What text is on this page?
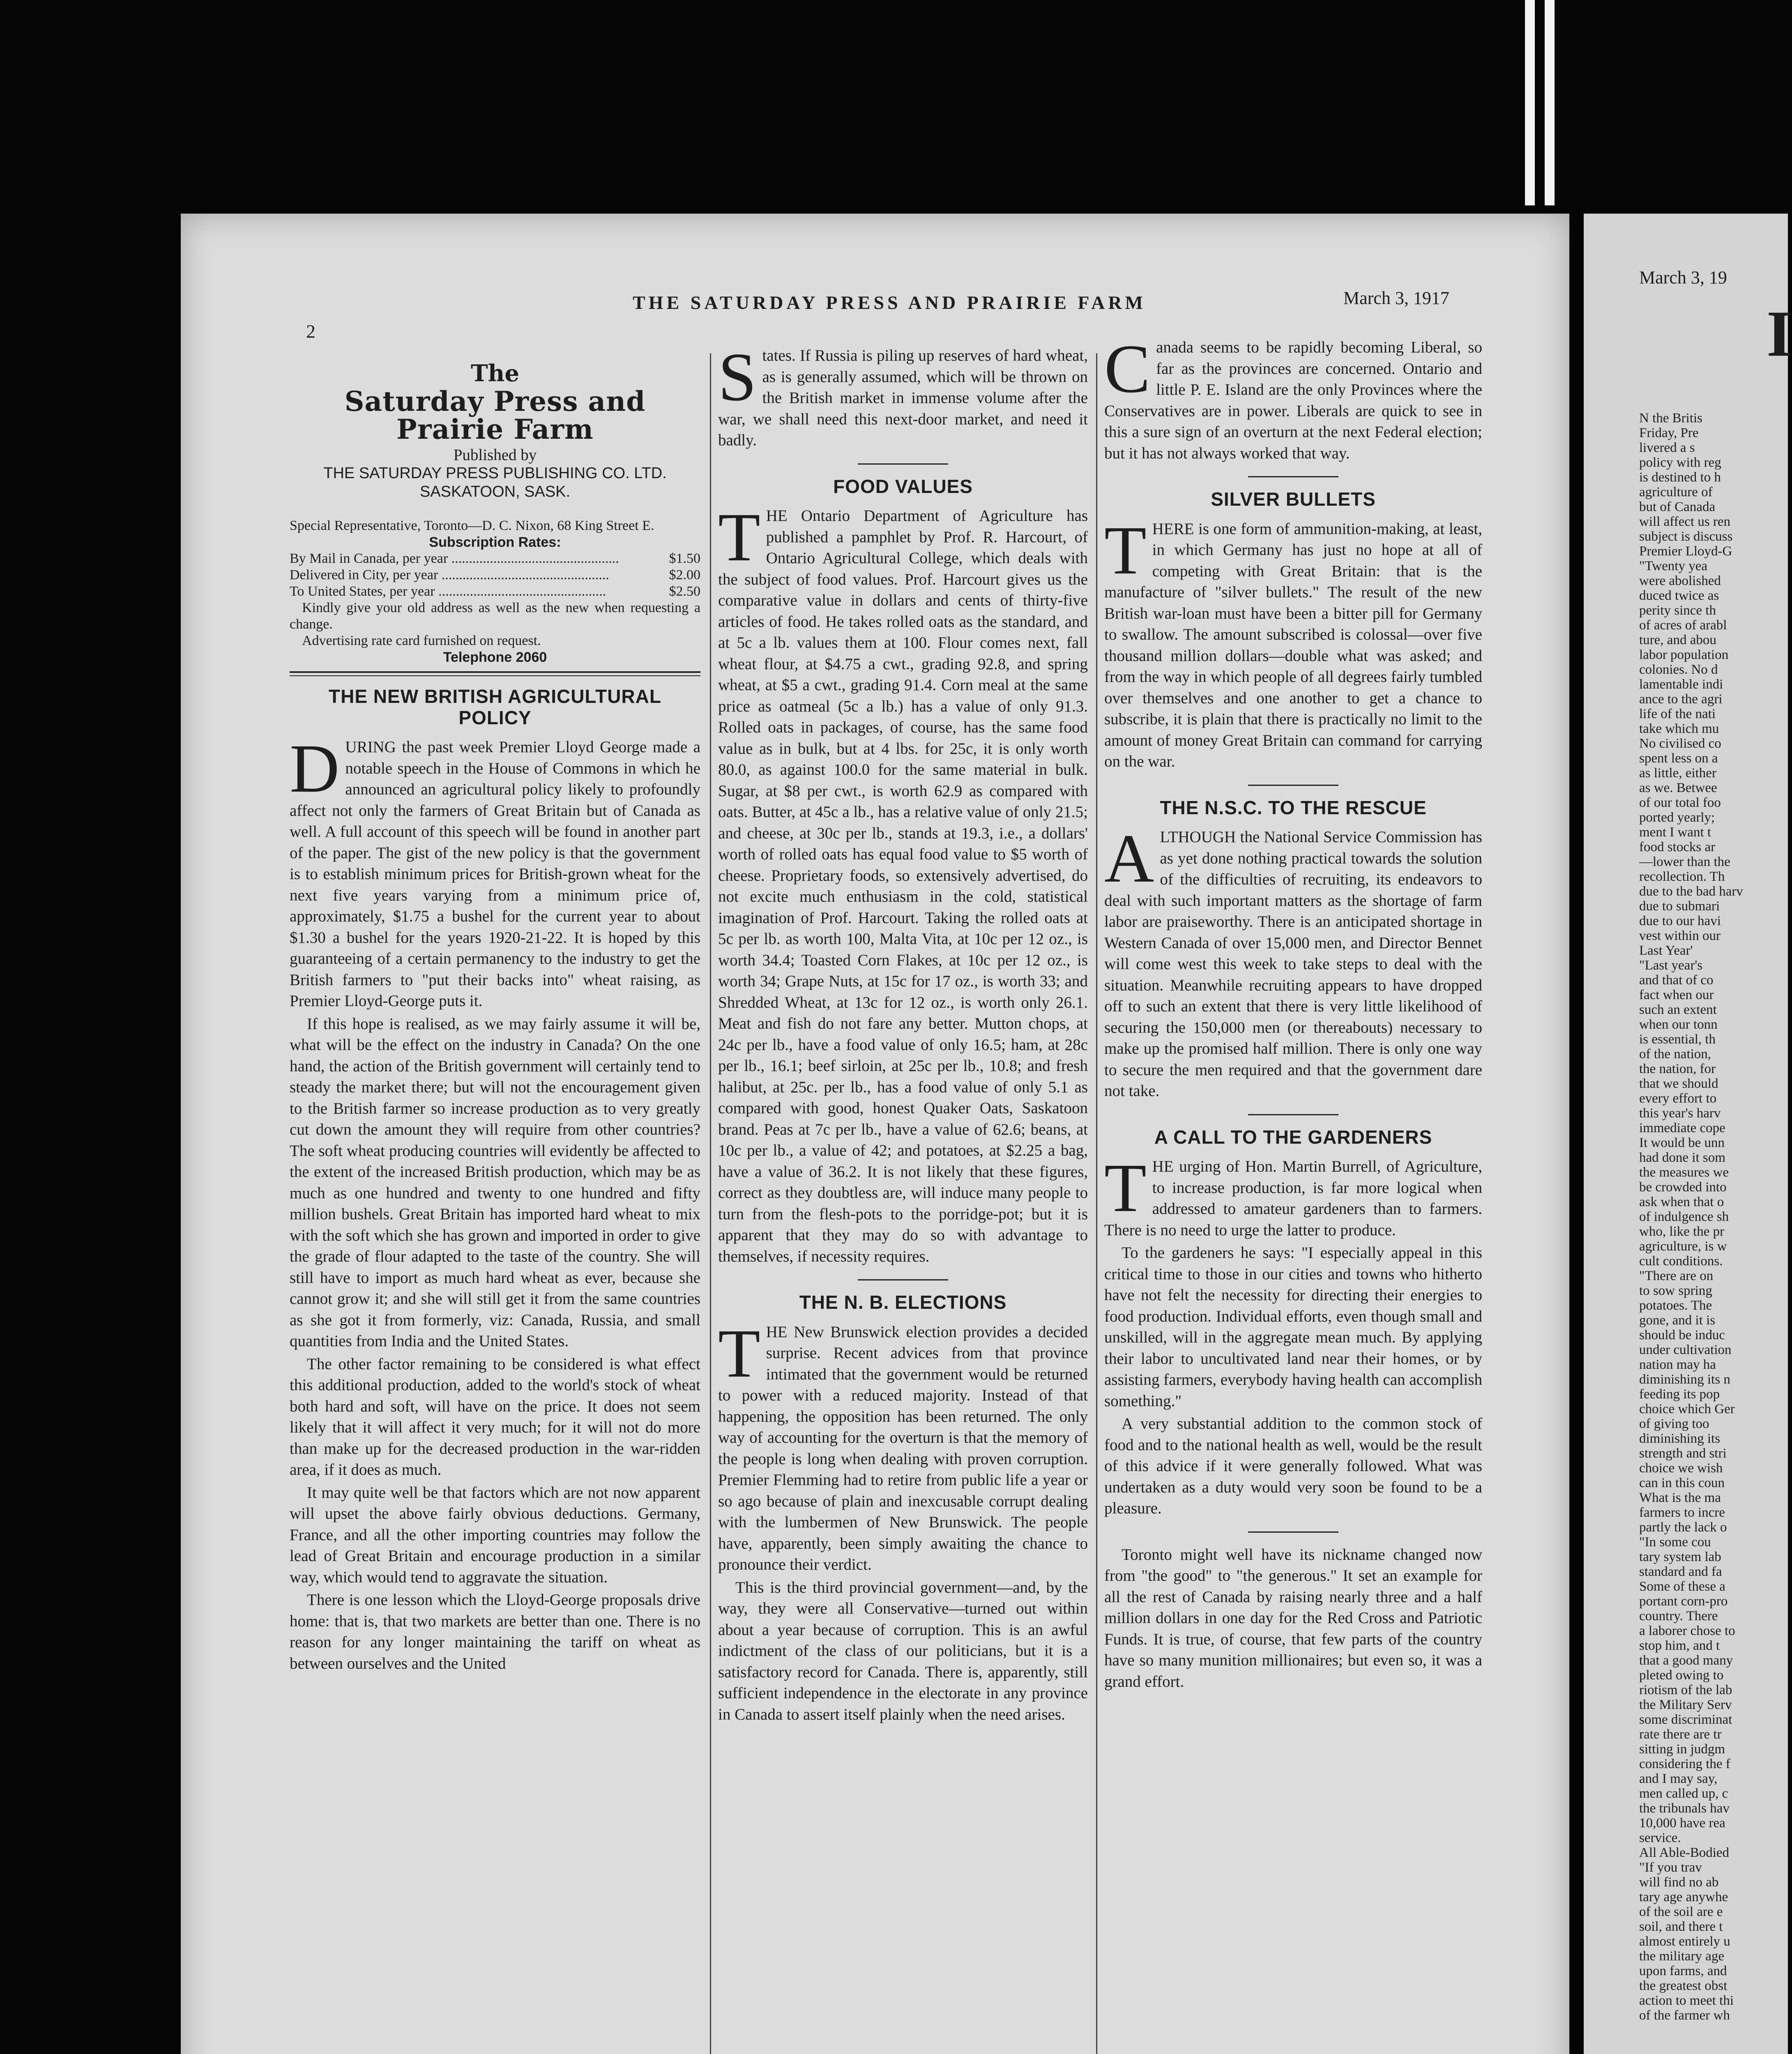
THE SATURDAY PRESS AND PRAIRIE FARM
2
March 3, 1917
The
Saturday Press and Prairie Farm
Published by
THE SATURDAY PRESS PUBLISHING CO. LTD.
SASKATOON, SASK.
Special Representative, Toronto—D. C. Nixon, 68 King Street E.
Subscription Rates:
By Mail in Canada, per year .....	$1.50
Delivered in City, per year .....	$2.00
To United States, per year .....	$2.50
Kindly give your old address as well as the new when requesting a change.
Advertising rate card furnished on request.
Telephone 2060
THE NEW BRITISH AGRICULTURAL POLICY

DURING the past week Premier Lloyd George made a notable speech in the House of Commons in which he announced an agricultural policy likely to profoundly affect not only the farmers of Great Britain but of Canada as well. A full account of this speech will be found in another part of the paper. The gist of the new policy is that the government is to establish minimum prices for British-grown wheat for the next five years varying from a minimum price of, approximately, $1.75 a bushel for the current year to about $1.30 a bushel for the years 1920-21-22. It is hoped by this guaranteeing of a certain permanency to the industry to get the British farmers to "put their backs into" wheat raising, as Premier Lloyd-George puts it.

If this hope is realised, as we may fairly assume it will be, what will be the effect on the industry in Canada? On the one hand, the action of the British government will certainly tend to steady the market there; but will not the encouragement given to the British farmer so increase production as to very greatly cut down the amount they will require from other countries? The soft wheat producing countries will evidently be affected to the extent of the increased British production, which may be as much as one hundred and twenty to one hundred and fifty million bushels. Great Britain has imported hard wheat to mix with the soft which she has grown and imported in order to give the grade of flour adapted to the taste of the country. She will still have to import as much hard wheat as ever, because she cannot grow it; and she will still get it from the same countries as she got it from formerly, viz: Canada, Russia, and small quantities from India and the United States.

The other factor remaining to be considered is what effect this additional production, added to the world's stock of wheat both hard and soft, will have on the price. It does not seem likely that it will affect it very much; for it will not do more than make up for the decreased production in the war-ridden area, if it does as much.

It may quite well be that factors which are not now apparent will upset the above fairly obvious deductions. Germany, France, and all the other importing countries may follow the lead of Great Britain and encourage production in a similar way, which would tend to aggravate the situation.

There is one lesson which the Lloyd-George proposals drive home: that is, that two markets are better than one. There is no reason for any longer maintaining the tariff on wheat as between ourselves and the United

States. If Russia is piling up reserves of hard wheat, as is generally assumed, which will be thrown on the British market in immense volume after the war, we shall need this next-door market, and need it badly.

FOOD VALUES

THE Ontario Department of Agriculture has published a pamphlet by Prof. R. Harcourt, of Ontario Agricultural College, which deals with the subject of food values. Prof. Harcourt gives us the comparative value in dollars and cents of thirty-five articles of food. He takes rolled oats as the standard, and at 5c a lb. values them at 100. Flour comes next, fall wheat flour, at $4.75 a cwt., grading 92.8, and spring wheat, at $5 a cwt., grading 91.4. Corn meal at the same price as oatmeal (5c a lb.) has a value of only 91.3. Rolled oats in packages, of course, has the same food value as in bulk, but at 4 lbs. for 25c, it is only worth 80.0, as against 100.0 for the same material in bulk. Sugar, at $8 per cwt., is worth 62.9 as compared with oats. Butter, at 45c a lb., has a relative value of only 21.5; and cheese, at 30c per lb., stands at 19.3, i.e., a dollars' worth of rolled oats has equal food value to $5 worth of cheese. Proprietary foods, so extensively advertised, do not excite much enthusiasm in the cold, statistical imagination of Prof. Harcourt. Taking the rolled oats at 5c per lb. as worth 100, Malta Vita, at 10c per 12 oz., is worth 34.4; Toasted Corn Flakes, at 10c per 12 oz., is worth 34; Grape Nuts, at 15c for 17 oz., is worth 33; and Shredded Wheat, at 13c for 12 oz., is worth only 26.1. Meat and fish do not fare any better. Mutton chops, at 24c per lb., have a food value of only 16.5; ham, at 28c per lb., 16.1; beef sirloin, at 25c per lb., 10.8; and fresh halibut, at 25c. per lb., has a food value of only 5.1 as compared with good, honest Quaker Oats, Saskatoon brand. Peas at 7c per lb., have a value of 62.6; beans, at 10c per lb., a value of 42; and potatoes, at $2.25 a bag, have a value of 36.2. It is not likely that these figures, correct as they doubtless are, will induce many people to turn from the flesh-pots to the porridge-pot; but it is apparent that they may do so with advantage to themselves, if necessity requires.

THE N. B. ELECTIONS

THE New Brunswick election provides a decided surprise. Recent advices from that province intimated that the government would be returned to power with a reduced majority. Instead of that happening, the opposition has been returned. The only way of accounting for the overturn is that the memory of the people is long when dealing with proven corruption. Premier Flemming had to retire from public life a year or so ago because of plain and inexcusable corrupt dealing with the lumbermen of New Brunswick. The people have, apparently, been simply awaiting the chance to pronounce their verdict.

This is the third provincial government—and, by the way, they were all Conservative—turned out within about a year because of corruption. This is an awful indictment of the class of our politicians, but it is a satisfactory record for Canada. There is, apparently, still sufficient independence in the electorate in any province in Canada to assert itself plainly when the need arises.

Canada seems to be rapidly becoming Liberal, so far as the provinces are concerned. Ontario and little P. E. Island are the only Provinces where the Conservatives are in power. Liberals are quick to see in this a sure sign of an overturn at the next Federal election; but it has not always worked that way.

SILVER BULLETS

THERE is one form of ammunition-making, at least, in which Germany has just no hope at all of competing with Great Britain: that is the manufacture of "silver bullets." The result of the new British war-loan must have been a bitter pill for Germany to swallow. The amount subscribed is colossal—over five thousand million dollars—double what was asked; and from the way in which people of all degrees fairly tumbled over themselves and one another to get a chance to subscribe, it is plain that there is practically no limit to the amount of money Great Britain can command for carrying on the war.

THE N.S.C. TO THE RESCUE

ALTHOUGH the National Service Commission has as yet done nothing practical towards the solution of the difficulties of recruiting, its endeavors to deal with such important matters as the shortage of farm labor are praiseworthy. There is an anticipated shortage in Western Canada of over 15,000 men, and Director Bennet will come west this week to take steps to deal with the situation. Meanwhile recruiting appears to have dropped off to such an extent that there is very little likelihood of securing the 150,000 men (or thereabouts) necessary to make up the promised half million. There is only one way to secure the men required and that the government dare not take.

A CALL TO THE GARDENERS

THE urging of Hon. Martin Burrell, of Agriculture, to increase production, is far more logical when addressed to amateur gardeners than to farmers. There is no need to urge the latter to produce.

To the gardeners he says: "I especially appeal in this critical time to those in our cities and towns who hitherto have not felt the necessity for directing their energies to food production. Individual efforts, even though small and unskilled, will in the aggregate mean much. By applying their labor to uncultivated land near their homes, or by assisting farmers, everybody having health can accomplish something."

A very substantial addition to the common stock of food and to the national health as well, would be the result of this advice if it were generally followed. What was undertaken as a duty would very soon be found to be a pleasure.

Toronto might well have its nickname changed now from "the good" to "the generous." It set an example for all the rest of Canada by raising nearly three and a half million dollars in one day for the Red Cross and Patriotic Funds. It is true, of course, that few parts of the country have so many munition millionaires; but even so, it was a grand effort.

March 3, 19
I
N the Britis
Friday, Pre
livered a s
policy with reg
is destined to h
agriculture of
but of Canada
will affect us ren
subject is discuss
Premier Lloyd-G
"Twenty yea
were abolished
duced twice as
perity since th
of acres of arabl
ture, and abou
labor population
colonies. No d
lamentable indi
ance to the agri
life of the nati
take which mu
No civilised co
spent less on a
as little, either
as we. Betwee
of our total foo
ported yearly;
ment I want t
food stocks ar
—lower than the
recollection. Th
due to the bad harv
due to submari
due to our havi
vest within our
Last Year'
"Last year's
and that of co
fact when our
such an extent
when our tonn
is essential, th
of the nation,
the nation, for
that we should
every effort to
this year's harv
immediate cope
It would be unn
had done it som
the measures we
be crowded into
ask when that o
of indulgence sh
who, like the pr
agriculture, is w
cult conditions.
"There are on
to sow spring
potatoes. The
gone, and it is
should be induc
under cultivation
nation may ha
diminishing its n
feeding its pop
choice which Ger
of giving too
diminishing its
strength and stri
choice we wish
can in this coun
What is the ma
farmers to incre
partly the lack o
"In some cou
tary system lab
standard and fa
Some of these a
portant corn-pro
country. There
a laborer chose to
stop him, and t
that a good many
pleted owing to
riotism of the lab
the Military Serv
some discriminat
rate there are tr
sitting in judgm
considering the f
and I may say,
men called up, c
the tribunals hav
10,000 have rea
service.
All Able-Bodied
"If you trav
will find no ab
tary age anywhe
of the soil are e
soil, and there t
almost entirely u
the military age
upon farms, and
the greatest obst
action to meet thi
of the farmer wh
